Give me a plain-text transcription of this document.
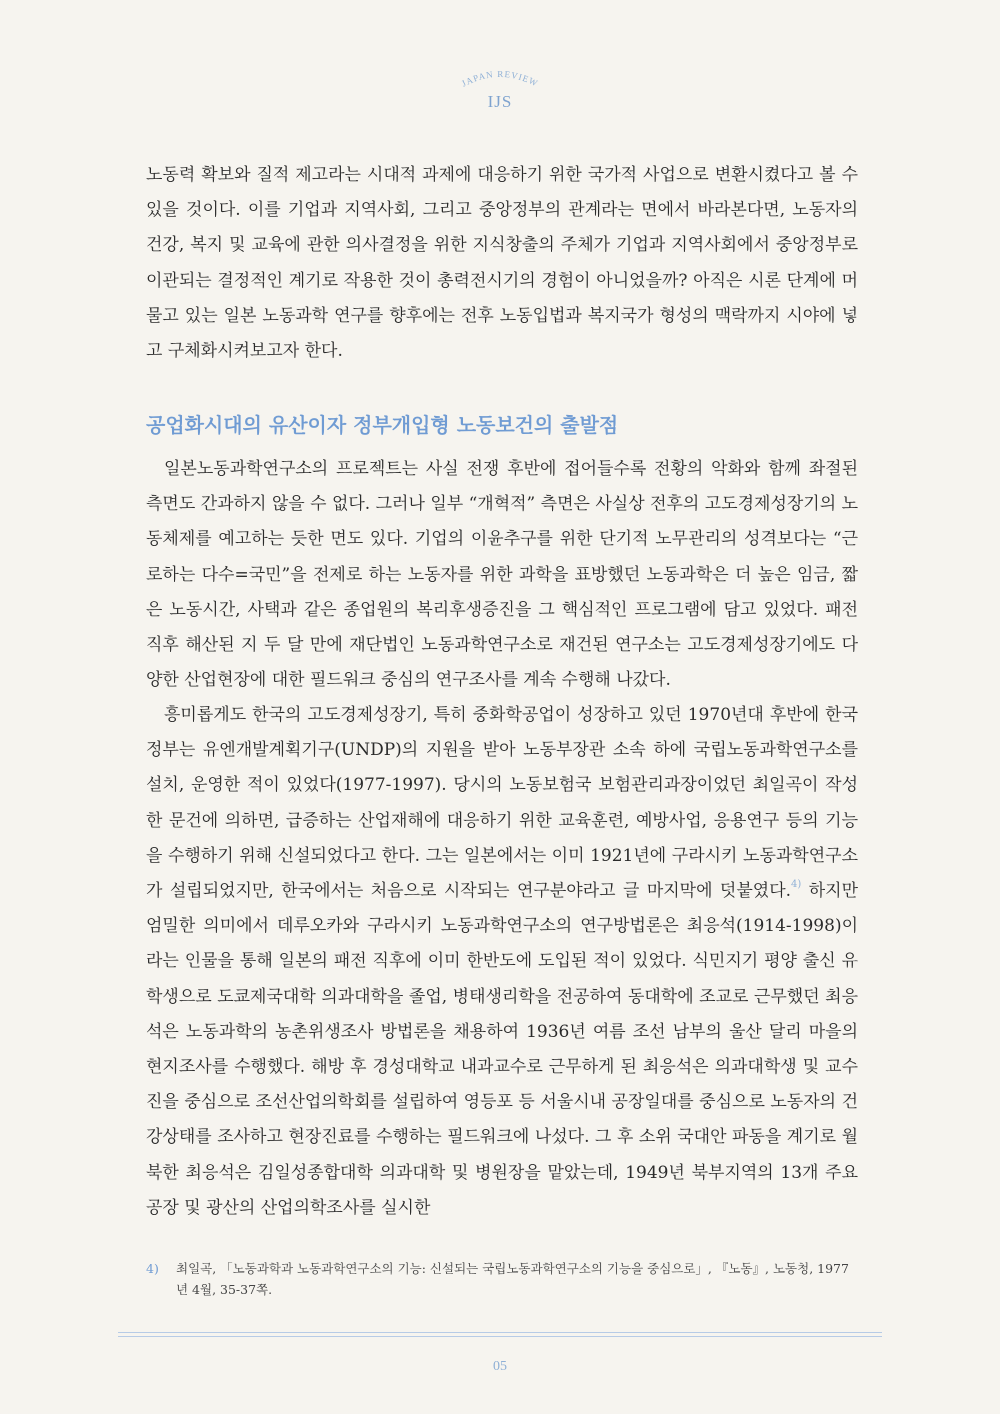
JAPAN REVIEW
IJS

노동력 확보와 질적 제고라는 시대적 과제에 대응하기 위한 국가적 사업으로 변환시켰다고 볼 수 있을 것이다. 이를 기업과 지역사회, 그리고 중앙정부의 관계라는 면에서 바라본다면, 노동자의 건강, 복지 및 교육에 관한 의사결정을 위한 지식창출의 주체가 기업과 지역사회에서 중앙정부로 이관되는 결정적인 계기로 작용한 것이 총력전시기의 경험이 아니었을까? 아직은 시론 단계에 머물고 있는 일본 노동과학 연구를 향후에는 전후 노동입법과 복지국가 형성의 맥락까지 시야에 넣고 구체화시켜보고자 한다.

공업화시대의 유산이자 정부개입형 노동보건의 출발점

일본노동과학연구소의 프로젝트는 사실 전쟁 후반에 접어들수록 전황의 악화와 함께 좌절된 측면도 간과하지 않을 수 없다. 그러나 일부 “개혁적” 측면은 사실상 전후의 고도경제성장기의 노동체제를 예고하는 듯한 면도 있다. 기업의 이윤추구를 위한 단기적 노무관리의 성격보다는 “근로하는 다수=국민”을 전제로 하는 노동자를 위한 과학을 표방했던 노동과학은 더 높은 임금, 짧은 노동시간, 사택과 같은 종업원의 복리후생증진을 그 핵심적인 프로그램에 담고 있었다. 패전 직후 해산된 지 두 달 만에 재단법인 노동과학연구소로 재건된 연구소는 고도경제성장기에도 다양한 산업현장에 대한 필드워크 중심의 연구조사를 계속 수행해 나갔다.

흥미롭게도 한국의 고도경제성장기, 특히 중화학공업이 성장하고 있던 1970년대 후반에 한국 정부는 유엔개발계획기구(UNDP)의 지원을 받아 노동부장관 소속 하에 국립노동과학연구소를 설치, 운영한 적이 있었다(1977-1997). 당시의 노동보험국 보험관리과장이었던 최일곡이 작성한 문건에 의하면, 급증하는 산업재해에 대응하기 위한 교육훈련, 예방사업, 응용연구 등의 기능을 수행하기 위해 신설되었다고 한다. 그는 일본에서는 이미 1921년에 구라시키 노동과학연구소가 설립되었지만, 한국에서는 처음으로 시작되는 연구분야라고 글 마지막에 덧붙였다.$^{4)}$ 하지만 엄밀한 의미에서 데루오카와 구라시키 노동과학연구소의 연구방법론은 최응석(1914-1998)이라는 인물을 통해 일본의 패전 직후에 이미 한반도에 도입된 적이 있었다. 식민지기 평양 출신 유학생으로 도쿄제국대학 의과대학을 졸업, 병태생리학을 전공하여 동대학에 조교로 근무했던 최응석은 노동과학의 농촌위생조사 방법론을 채용하여 1936년 여름 조선 남부의 울산 달리 마을의 현지조사를 수행했다. 해방 후 경성대학교 내과교수로 근무하게 된 최응석은 의과대학생 및 교수진을 중심으로 조선산업의학회를 설립하여 영등포 등 서울시내 공장일대를 중심으로 노동자의 건강상태를 조사하고 현장진료를 수행하는 필드워크에 나섰다. 그 후 소위 국대안 파동을 계기로 월북한 최응석은 김일성종합대학 의과대학 및 병원장을 맡았는데, 1949년 북부지역의 13개 주요공장 및 광산의 산업의학조사를 실시한

4)	최일곡, 「노동과학과 노동과학연구소의 기능: 신설되는 국립노동과학연구소의 기능을 중심으로」, 『노동』, 노동청, 1977년 4월, 35-37쪽.
05
